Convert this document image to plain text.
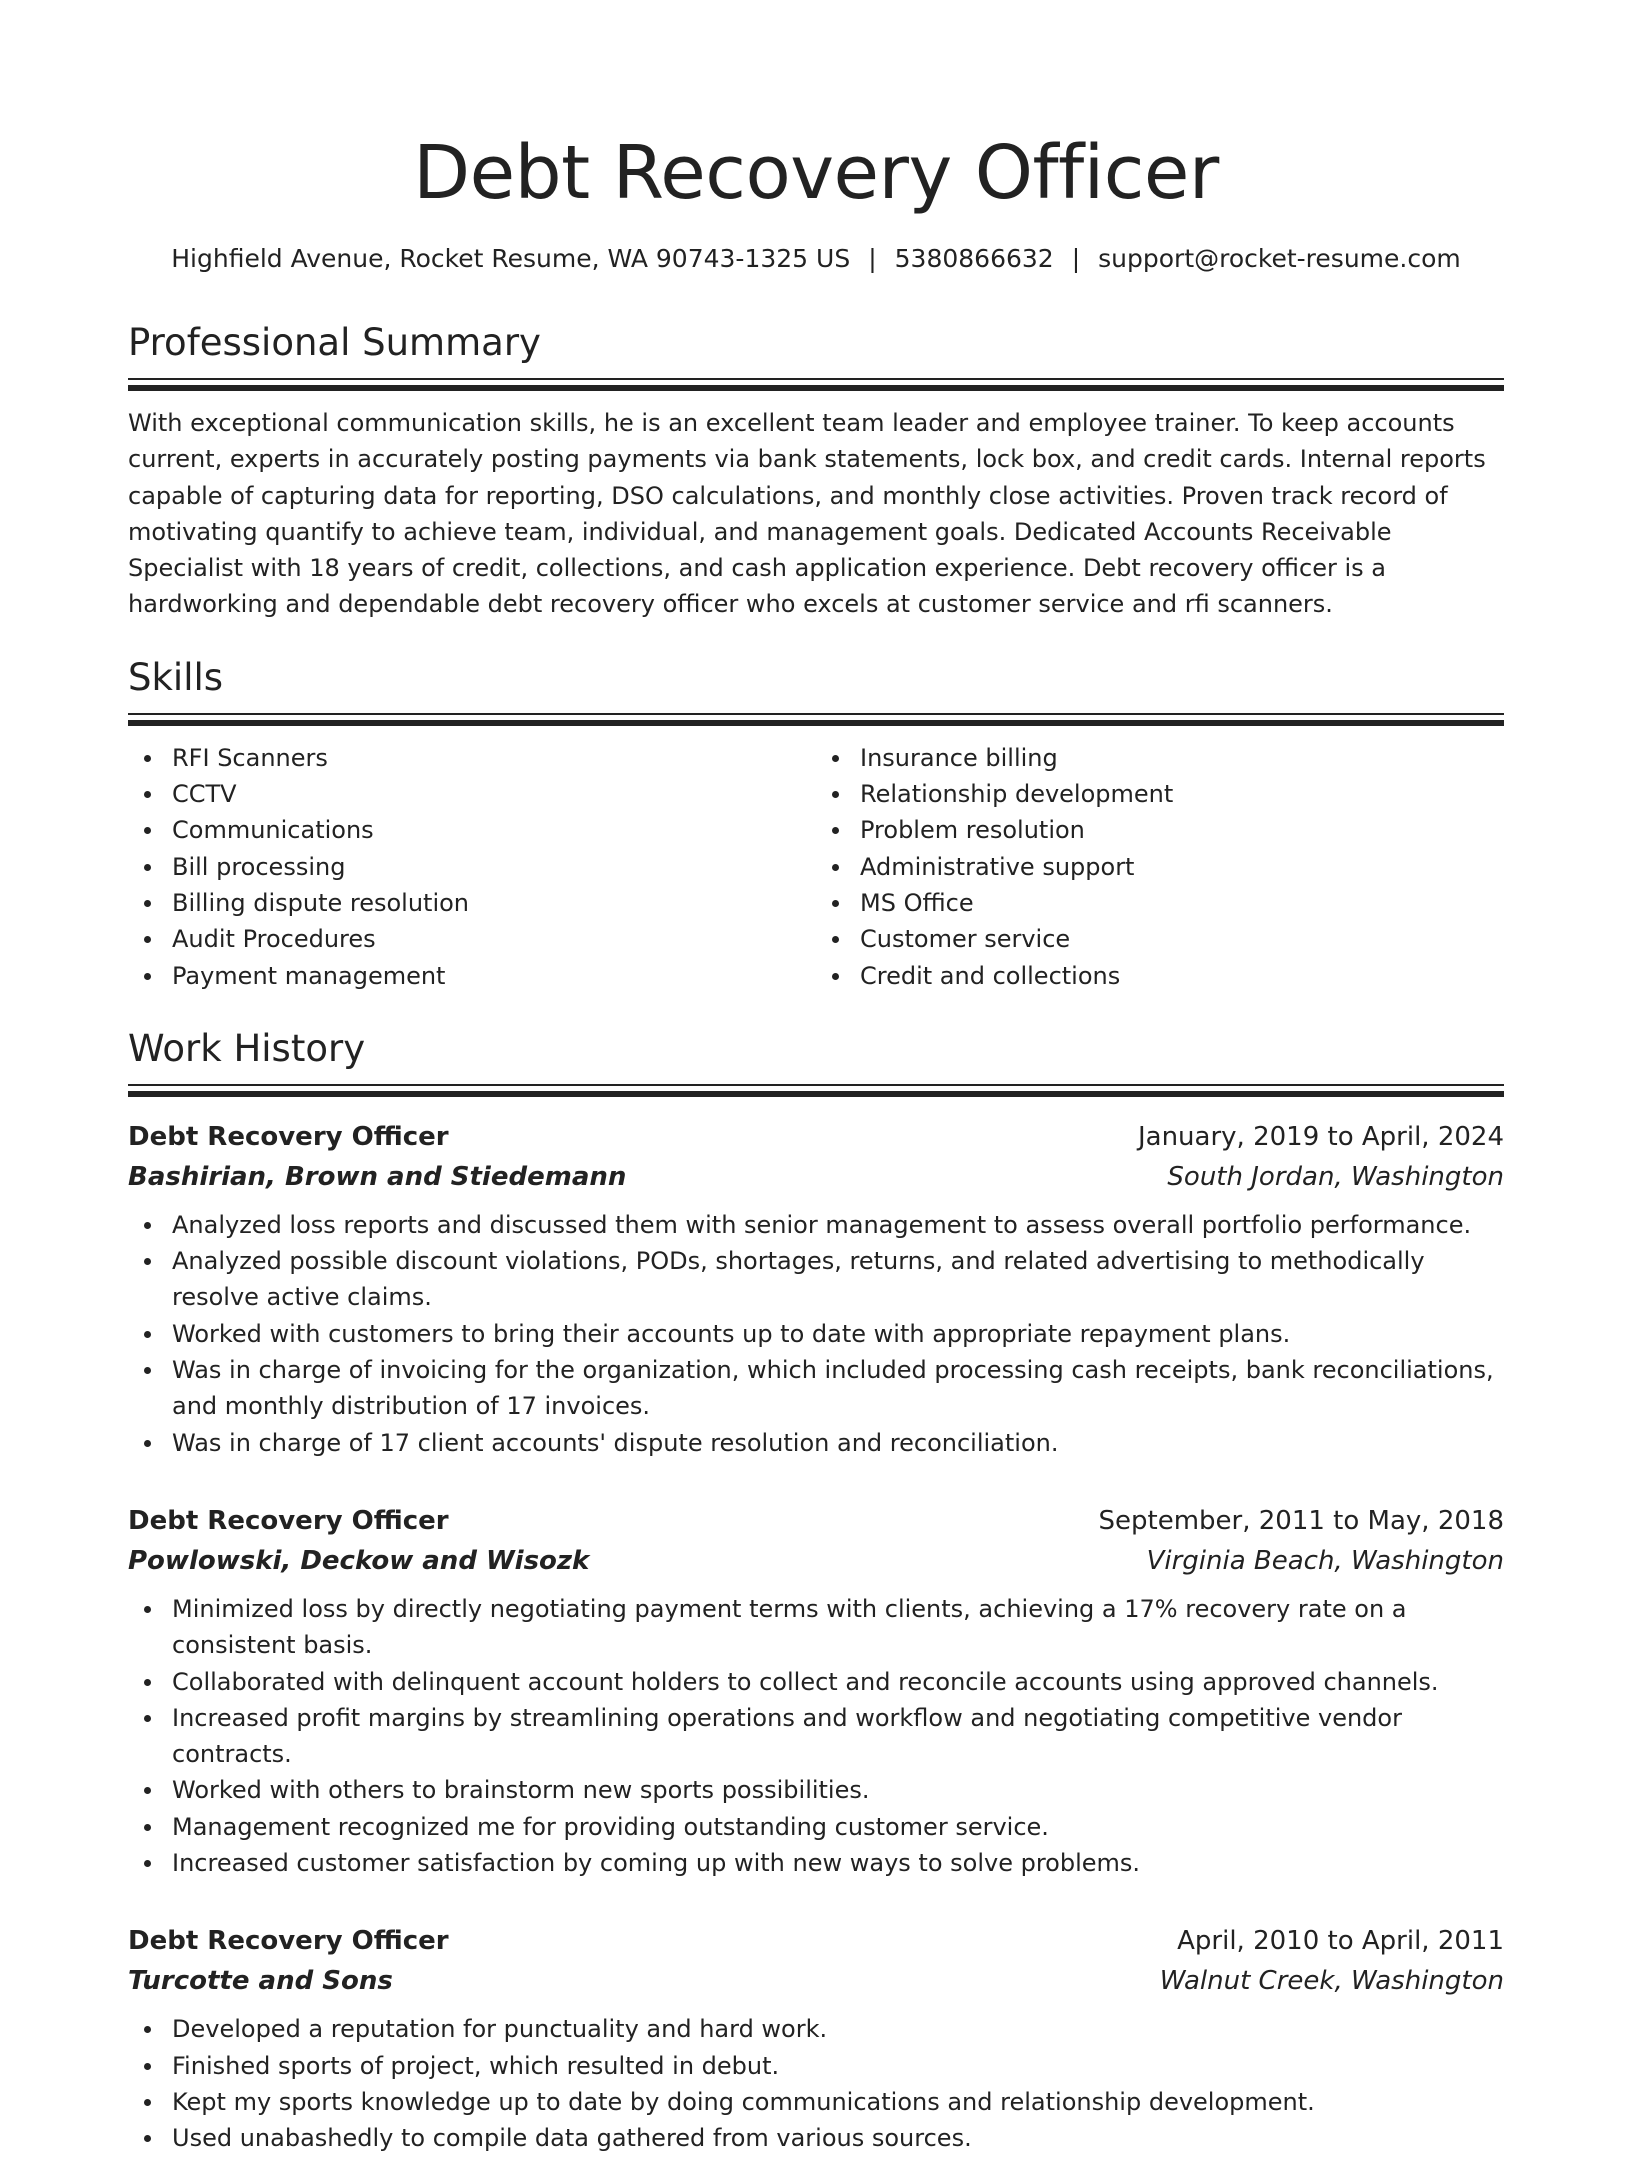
Debt Recovery Officer
Highfield Avenue, Rocket Resume, WA 90743-1325 US | 5380866632 | support@rocket-resume.com
Professional Summary

With exceptional communication skills, he is an excellent team leader and employee trainer. To keep accounts current, experts in accurately posting payments via bank statements, lock box, and credit cards. Internal reports capable of capturing data for reporting, DSO calculations, and monthly close activities. Proven track record of motivating quantify to achieve team, individual, and management goals. Dedicated Accounts Receivable Specialist with 18 years of credit, collections, and cash application experience. Debt recovery officer is a hardworking and dependable debt recovery officer who excels at customer service and rfi scanners.

Skills
RFI Scanners
CCTV
Communications
Bill processing
Billing dispute resolution
Audit Procedures
Payment management
Insurance billing
Relationship development
Problem resolution
Administrative support
MS Office
Customer service
Credit and collections
Work History
Debt Recovery Officer	January, 2019 to April, 2024
Bashirian, Brown and Stiedemann	South Jordan, Washington
Analyzed loss reports and discussed them with senior management to assess overall portfolio performance.
Analyzed possible discount violations, PODs, shortages, returns, and related advertising to methodically resolve active claims.
Worked with customers to bring their accounts up to date with appropriate repayment plans.
Was in charge of invoicing for the organization, which included processing cash receipts, bank reconciliations, and monthly distribution of 17 invoices.
Was in charge of 17 client accounts' dispute resolution and reconciliation.
Debt Recovery Officer	September, 2011 to May, 2018
Powlowski, Deckow and Wisozk	Virginia Beach, Washington
Minimized loss by directly negotiating payment terms with clients, achieving a 17% recovery rate on a consistent basis.
Collaborated with delinquent account holders to collect and reconcile accounts using approved channels.
Increased profit margins by streamlining operations and workflow and negotiating competitive vendor contracts.
Worked with others to brainstorm new sports possibilities.
Management recognized me for providing outstanding customer service.
Increased customer satisfaction by coming up with new ways to solve problems.
Debt Recovery Officer	April, 2010 to April, 2011
Turcotte and Sons	Walnut Creek, Washington
Developed a reputation for punctuality and hard work.
Finished sports of project, which resulted in debut.
Kept my sports knowledge up to date by doing communications and relationship development.
Used unabashedly to compile data gathered from various sources.
